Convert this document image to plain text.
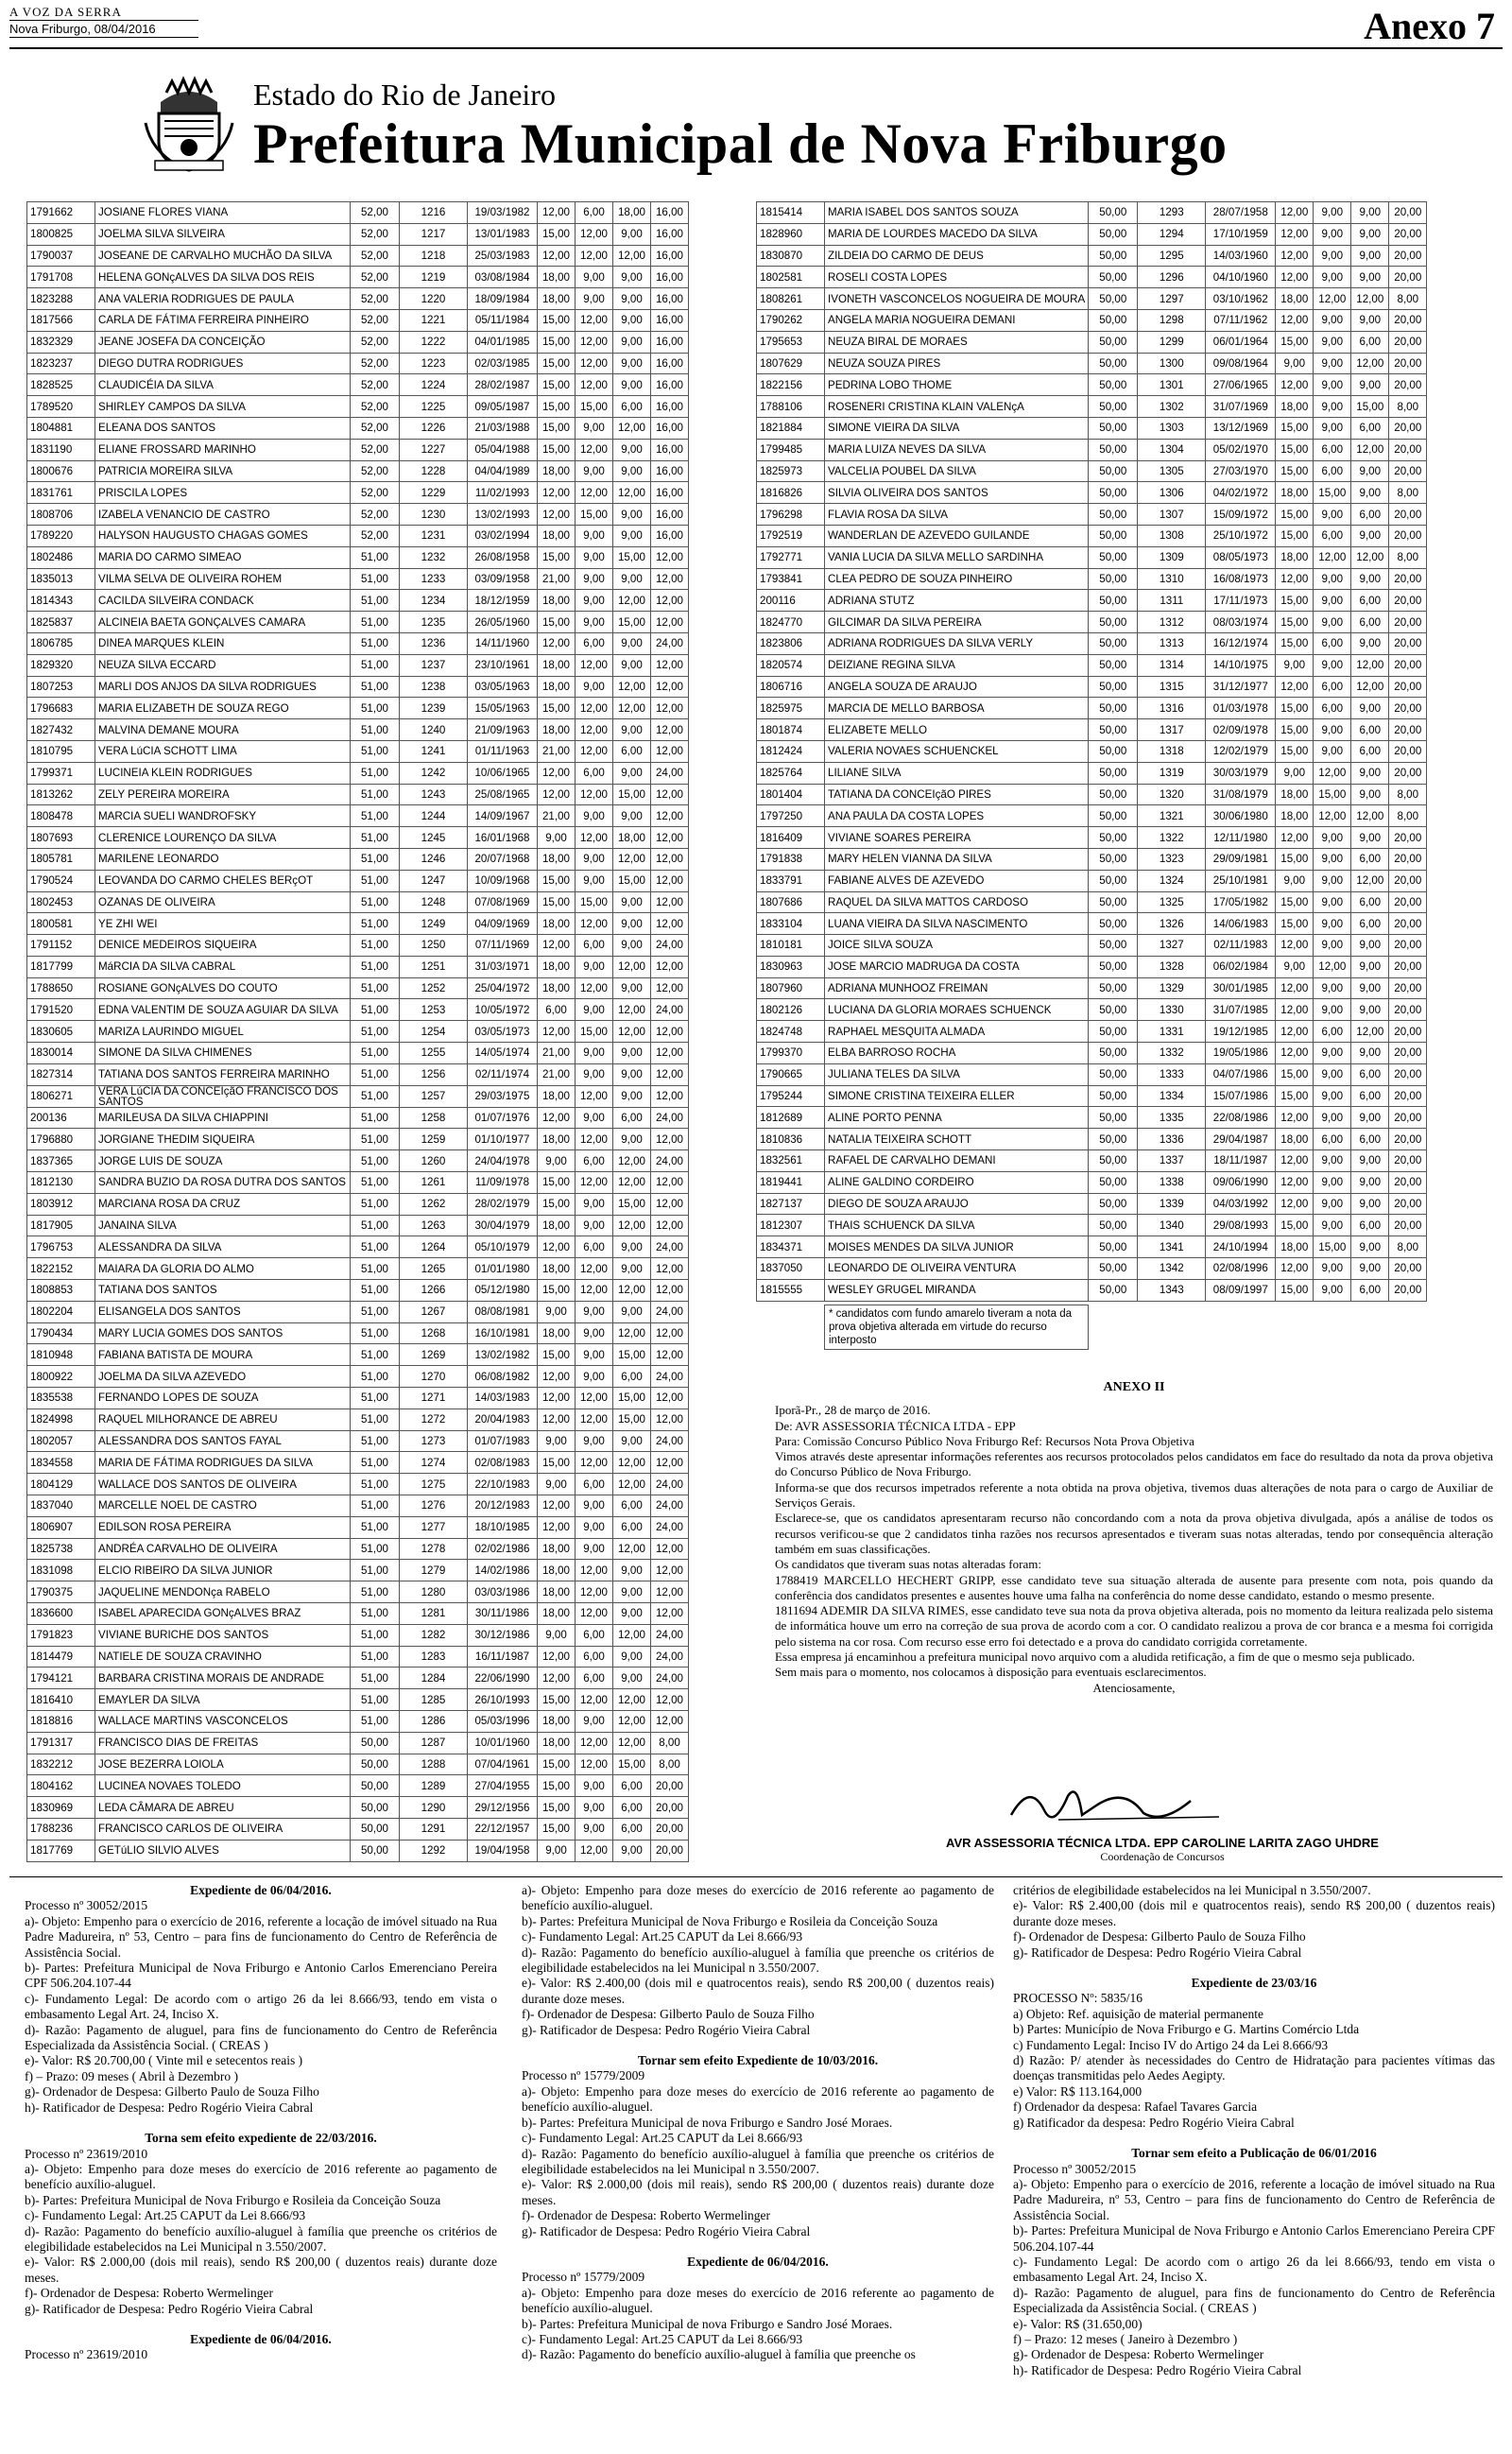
A VOZ DA SERRA
Nova Friburgo, 08/04/2016	Anexo 7
Estado do Rio de Janeiro
Prefeitura Municipal de Nova Friburgo
1791662	JOSIANE FLORES VIANA	52,00	1216	19/03/1982	12,00	6,00	18,00	16,00
1800825	JOELMA SILVA SILVEIRA	52,00	1217	13/01/1983	15,00	12,00	9,00	16,00
1790037	JOSEANE DE CARVALHO MUCHÃO DA SILVA	52,00	1218	25/03/1983	12,00	12,00	12,00	16,00
1791708	HELENA GONçALVES DA SILVA DOS REIS	52,00	1219	03/08/1984	18,00	9,00	9,00	16,00
1823288	ANA VALERIA RODRIGUES DE PAULA	52,00	1220	18/09/1984	18,00	9,00	9,00	16,00
1817566	CARLA DE FÁTIMA FERREIRA PINHEIRO	52,00	1221	05/11/1984	15,00	12,00	9,00	16,00
1832329	JEANE JOSEFA DA CONCEIÇÃO	52,00	1222	04/01/1985	15,00	12,00	9,00	16,00
1823237	DIEGO DUTRA RODRIGUES	52,00	1223	02/03/1985	15,00	12,00	9,00	16,00
1828525	CLAUDICÉIA DA SILVA	52,00	1224	28/02/1987	15,00	12,00	9,00	16,00
1789520	SHIRLEY CAMPOS DA SILVA	52,00	1225	09/05/1987	15,00	15,00	6,00	16,00
1804881	ELEANA DOS SANTOS	52,00	1226	21/03/1988	15,00	9,00	12,00	16,00
1831190	ELIANE FROSSARD MARINHO	52,00	1227	05/04/1988	15,00	12,00	9,00	16,00
1800676	PATRICIA MOREIRA SILVA	52,00	1228	04/04/1989	18,00	9,00	9,00	16,00
1831761	PRISCILA LOPES	52,00	1229	11/02/1993	12,00	12,00	12,00	16,00
1808706	IZABELA VENANCIO DE CASTRO	52,00	1230	13/02/1993	12,00	15,00	9,00	16,00
1789220	HALYSON HAUGUSTO CHAGAS GOMES	52,00	1231	03/02/1994	18,00	9,00	9,00	16,00
1802486	MARIA DO CARMO SIMEAO	51,00	1232	26/08/1958	15,00	9,00	15,00	12,00
1835013	VILMA SELVA DE OLIVEIRA ROHEM	51,00	1233	03/09/1958	21,00	9,00	9,00	12,00
1814343	CACILDA SILVEIRA CONDACK	51,00	1234	18/12/1959	18,00	9,00	12,00	12,00
1825837	ALCINEIA BAETA GONÇALVES CAMARA	51,00	1235	26/05/1960	15,00	9,00	15,00	12,00
1806785	DINEA MARQUES KLEIN	51,00	1236	14/11/1960	12,00	6,00	9,00	24,00
1829320	NEUZA SILVA ECCARD	51,00	1237	23/10/1961	18,00	12,00	9,00	12,00
1807253	MARLI DOS ANJOS DA SILVA RODRIGUES	51,00	1238	03/05/1963	18,00	9,00	12,00	12,00
1796683	MARIA ELIZABETH DE SOUZA REGO	51,00	1239	15/05/1963	15,00	12,00	12,00	12,00
1827432	MALVINA DEMANE MOURA	51,00	1240	21/09/1963	18,00	12,00	9,00	12,00
1810795	VERA LúCIA SCHOTT LIMA	51,00	1241	01/11/1963	21,00	12,00	6,00	12,00
1799371	LUCINEIA KLEIN RODRIGUES	51,00	1242	10/06/1965	12,00	6,00	9,00	24,00
1813262	ZELY PEREIRA MOREIRA	51,00	1243	25/08/1965	12,00	12,00	15,00	12,00
1808478	MARCIA SUELI WANDROFSKY	51,00	1244	14/09/1967	21,00	9,00	9,00	12,00
1807693	CLERENICE LOURENÇO DA SILVA	51,00	1245	16/01/1968	9,00	12,00	18,00	12,00
1805781	MARILENE LEONARDO	51,00	1246	20/07/1968	18,00	9,00	12,00	12,00
1790524	LEOVANDA DO CARMO CHELES BERçOT	51,00	1247	10/09/1968	15,00	9,00	15,00	12,00
1802453	OZANAS DE OLIVEIRA	51,00	1248	07/08/1969	15,00	15,00	9,00	12,00
1800581	YE ZHI WEI	51,00	1249	04/09/1969	18,00	12,00	9,00	12,00
1791152	DENICE MEDEIROS SIQUEIRA	51,00	1250	07/11/1969	12,00	6,00	9,00	24,00
1817799	MáRCIA DA SILVA CABRAL	51,00	1251	31/03/1971	18,00	9,00	12,00	12,00
1788650	ROSIANE GONçALVES DO COUTO	51,00	1252	25/04/1972	18,00	12,00	9,00	12,00
1791520	EDNA VALENTIM DE SOUZA AGUIAR DA SILVA	51,00	1253	10/05/1972	6,00	9,00	12,00	24,00
1830605	MARIZA LAURINDO MIGUEL	51,00	1254	03/05/1973	12,00	15,00	12,00	12,00
1830014	SIMONE DA SILVA CHIMENES	51,00	1255	14/05/1974	21,00	9,00	9,00	12,00
1827314	TATIANA DOS SANTOS FERREIRA MARINHO	51,00	1256	02/11/1974	21,00	9,00	9,00	12,00
1806271	VERA LúCIA DA CONCEIçãO FRANCISCO DOS SANTOS	51,00	1257	29/03/1975	18,00	12,00	9,00	12,00
200136	MARILEUSA DA SILVA CHIAPPINI	51,00	1258	01/07/1976	12,00	9,00	6,00	24,00
1796880	JORGIANE THEDIM SIQUEIRA	51,00	1259	01/10/1977	18,00	12,00	9,00	12,00
1837365	JORGE LUIS DE SOUZA	51,00	1260	24/04/1978	9,00	6,00	12,00	24,00
1812130	SANDRA BUZIO DA ROSA DUTRA DOS SANTOS	51,00	1261	11/09/1978	15,00	12,00	12,00	12,00
1803912	MARCIANA ROSA DA CRUZ	51,00	1262	28/02/1979	15,00	9,00	15,00	12,00
1817905	JANAINA SILVA	51,00	1263	30/04/1979	18,00	9,00	12,00	12,00
1796753	ALESSANDRA DA SILVA	51,00	1264	05/10/1979	12,00	6,00	9,00	24,00
1822152	MAIARA DA GLORIA DO ALMO	51,00	1265	01/01/1980	18,00	12,00	9,00	12,00
1808853	TATIANA DOS SANTOS	51,00	1266	05/12/1980	15,00	12,00	12,00	12,00
1802204	ELISANGELA DOS SANTOS	51,00	1267	08/08/1981	9,00	9,00	9,00	24,00
1790434	MARY LUCIA GOMES DOS SANTOS	51,00	1268	16/10/1981	18,00	9,00	12,00	12,00
1810948	FABIANA BATISTA DE MOURA	51,00	1269	13/02/1982	15,00	9,00	15,00	12,00
1800922	JOELMA DA SILVA AZEVEDO	51,00	1270	06/08/1982	12,00	9,00	6,00	24,00
1835538	FERNANDO LOPES DE SOUZA	51,00	1271	14/03/1983	12,00	12,00	15,00	12,00
1824998	RAQUEL MILHORANCE DE ABREU	51,00	1272	20/04/1983	12,00	12,00	15,00	12,00
1802057	ALESSANDRA DOS SANTOS FAYAL	51,00	1273	01/07/1983	9,00	9,00	9,00	24,00
1834558	MARIA DE FÁTIMA RODRIGUES DA SILVA	51,00	1274	02/08/1983	15,00	12,00	12,00	12,00
1804129	WALLACE DOS SANTOS DE OLIVEIRA	51,00	1275	22/10/1983	9,00	6,00	12,00	24,00
1837040	MARCELLE NOEL DE CASTRO	51,00	1276	20/12/1983	12,00	9,00	6,00	24,00
1806907	EDILSON ROSA PEREIRA	51,00	1277	18/10/1985	12,00	9,00	6,00	24,00
1825738	ANDRÉA CARVALHO DE OLIVEIRA	51,00	1278	02/02/1986	18,00	9,00	12,00	12,00
1831098	ELCIO RIBEIRO DA SILVA JUNIOR	51,00	1279	14/02/1986	18,00	12,00	9,00	12,00
1790375	JAQUELINE MENDONça RABELO	51,00	1280	03/03/1986	18,00	12,00	9,00	12,00
1836600	ISABEL APARECIDA GONçALVES BRAZ	51,00	1281	30/11/1986	18,00	12,00	9,00	12,00
1791823	VIVIANE BURICHE DOS SANTOS	51,00	1282	30/12/1986	9,00	6,00	12,00	24,00
1814479	NATIELE DE SOUZA CRAVINHO	51,00	1283	16/11/1987	12,00	6,00	9,00	24,00
1794121	BARBARA CRISTINA MORAIS DE ANDRADE	51,00	1284	22/06/1990	12,00	6,00	9,00	24,00
1816410	EMAYLER DA SILVA	51,00	1285	26/10/1993	15,00	12,00	12,00	12,00
1818816	WALLACE MARTINS VASCONCELOS	51,00	1286	05/03/1996	18,00	9,00	12,00	12,00
1791317	FRANCISCO DIAS DE FREITAS	50,00	1287	10/01/1960	18,00	12,00	12,00	8,00
1832212	JOSE BEZERRA LOIOLA	50,00	1288	07/04/1961	15,00	12,00	15,00	8,00
1804162	LUCINEA NOVAES TOLEDO	50,00	1289	27/04/1955	15,00	9,00	6,00	20,00
1830969	LEDA CÂMARA DE ABREU	50,00	1290	29/12/1956	15,00	9,00	6,00	20,00
1788236	FRANCISCO CARLOS DE OLIVEIRA	50,00	1291	22/12/1957	15,00	9,00	6,00	20,00
1817769	GETúLIO SILVIO ALVES	50,00	1292	19/04/1958	9,00	12,00	9,00	20,00
1815414	MARIA ISABEL DOS SANTOS SOUZA	50,00	1293	28/07/1958	12,00	9,00	9,00	20,00
1828960	MARIA DE LOURDES MACEDO DA SILVA	50,00	1294	17/10/1959	12,00	9,00	9,00	20,00
1830870	ZILDEIA DO CARMO DE DEUS	50,00	1295	14/03/1960	12,00	9,00	9,00	20,00
1802581	ROSELI COSTA LOPES	50,00	1296	04/10/1960	12,00	9,00	9,00	20,00
1808261	IVONETH VASCONCELOS NOGUEIRA DE MOURA	50,00	1297	03/10/1962	18,00	12,00	12,00	8,00
1790262	ANGELA MARIA NOGUEIRA DEMANI	50,00	1298	07/11/1962	12,00	9,00	9,00	20,00
1795653	NEUZA BIRAL DE MORAES	50,00	1299	06/01/1964	15,00	9,00	6,00	20,00
1807629	NEUZA SOUZA PIRES	50,00	1300	09/08/1964	9,00	9,00	12,00	20,00
1822156	PEDRINA LOBO THOME	50,00	1301	27/06/1965	12,00	9,00	9,00	20,00
1788106	ROSENERI CRISTINA KLAIN VALENçA	50,00	1302	31/07/1969	18,00	9,00	15,00	8,00
1821884	SIMONE VIEIRA DA SILVA	50,00	1303	13/12/1969	15,00	9,00	6,00	20,00
1799485	MARIA LUIZA NEVES DA SILVA	50,00	1304	05/02/1970	15,00	6,00	12,00	20,00
1825973	VALCELIA POUBEL DA SILVA	50,00	1305	27/03/1970	15,00	6,00	9,00	20,00
1816826	SILVIA OLIVEIRA DOS SANTOS	50,00	1306	04/02/1972	18,00	15,00	9,00	8,00
1796298	FLAVIA ROSA DA SILVA	50,00	1307	15/09/1972	15,00	9,00	6,00	20,00
1792519	WANDERLAN DE AZEVEDO GUILANDE	50,00	1308	25/10/1972	15,00	6,00	9,00	20,00
1792771	VANIA LUCIA DA SILVA MELLO SARDINHA	50,00	1309	08/05/1973	18,00	12,00	12,00	8,00
1793841	CLEA PEDRO DE SOUZA PINHEIRO	50,00	1310	16/08/1973	12,00	9,00	9,00	20,00
200116	ADRIANA STUTZ	50,00	1311	17/11/1973	15,00	9,00	6,00	20,00
1824770	GILCIMAR DA SILVA PEREIRA	50,00	1312	08/03/1974	15,00	9,00	6,00	20,00
1823806	ADRIANA RODRIGUES DA SILVA VERLY	50,00	1313	16/12/1974	15,00	6,00	9,00	20,00
1820574	DEIZIANE REGINA SILVA	50,00	1314	14/10/1975	9,00	9,00	12,00	20,00
1806716	ANGELA SOUZA DE ARAUJO	50,00	1315	31/12/1977	12,00	6,00	12,00	20,00
1825975	MARCIA DE MELLO BARBOSA	50,00	1316	01/03/1978	15,00	6,00	9,00	20,00
1801874	ELIZABETE MELLO	50,00	1317	02/09/1978	15,00	9,00	6,00	20,00
1812424	VALERIA NOVAES SCHUENCKEL	50,00	1318	12/02/1979	15,00	9,00	6,00	20,00
1825764	LILIANE SILVA	50,00	1319	30/03/1979	9,00	12,00	9,00	20,00
1801404	TATIANA DA CONCEIçãO PIRES	50,00	1320	31/08/1979	18,00	15,00	9,00	8,00
1797250	ANA PAULA DA COSTA LOPES	50,00	1321	30/06/1980	18,00	12,00	12,00	8,00
1816409	VIVIANE SOARES PEREIRA	50,00	1322	12/11/1980	12,00	9,00	9,00	20,00
1791838	MARY HELEN VIANNA DA SILVA	50,00	1323	29/09/1981	15,00	9,00	6,00	20,00
1833791	FABIANE ALVES DE AZEVEDO	50,00	1324	25/10/1981	9,00	9,00	12,00	20,00
1807686	RAQUEL DA SILVA MATTOS CARDOSO	50,00	1325	17/05/1982	15,00	9,00	6,00	20,00
1833104	LUANA VIEIRA DA SILVA NASCIMENTO	50,00	1326	14/06/1983	15,00	9,00	6,00	20,00
1810181	JOICE SILVA SOUZA	50,00	1327	02/11/1983	12,00	9,00	9,00	20,00
1830963	JOSE MARCIO MADRUGA DA COSTA	50,00	1328	06/02/1984	9,00	12,00	9,00	20,00
1807960	ADRIANA MUNHOOZ FREIMAN	50,00	1329	30/01/1985	12,00	9,00	9,00	20,00
1802126	LUCIANA DA GLORIA MORAES SCHUENCK	50,00	1330	31/07/1985	12,00	9,00	9,00	20,00
1824748	RAPHAEL MESQUITA ALMADA	50,00	1331	19/12/1985	12,00	6,00	12,00	20,00
1799370	ELBA BARROSO ROCHA	50,00	1332	19/05/1986	12,00	9,00	9,00	20,00
1790665	JULIANA TELES DA SILVA	50,00	1333	04/07/1986	15,00	9,00	6,00	20,00
1795244	SIMONE CRISTINA TEIXEIRA ELLER	50,00	1334	15/07/1986	15,00	9,00	6,00	20,00
1812689	ALINE PORTO PENNA	50,00	1335	22/08/1986	12,00	9,00	9,00	20,00
1810836	NATALIA TEIXEIRA SCHOTT	50,00	1336	29/04/1987	18,00	6,00	6,00	20,00
1832561	RAFAEL DE CARVALHO DEMANI	50,00	1337	18/11/1987	12,00	9,00	9,00	20,00
1819441	ALINE GALDINO CORDEIRO	50,00	1338	09/06/1990	12,00	9,00	9,00	20,00
1827137	DIEGO DE SOUZA ARAUJO	50,00	1339	04/03/1992	12,00	9,00	9,00	20,00
1812307	THAIS SCHUENCK DA SILVA	50,00	1340	29/08/1993	15,00	9,00	6,00	20,00
1834371	MOISES MENDES DA SILVA JUNIOR	50,00	1341	24/10/1994	18,00	15,00	9,00	8,00
1837050	LEONARDO DE OLIVEIRA VENTURA	50,00	1342	02/08/1996	12,00	9,00	9,00	20,00
1815555	WESLEY GRUGEL MIRANDA	50,00	1343	08/09/1997	15,00	9,00	6,00	20,00
* candidatos com fundo amarelo tiveram a nota da prova objetiva alterada em virtude do recurso interposto
ANEXO II

Iporã-Pr., 28 de março de 2016.

De: AVR ASSESSORIA TÉCNICA LTDA - EPP

Para: Comissão Concurso Público Nova Friburgo Ref: Recursos Nota Prova Objetiva

Vimos através deste apresentar informações referentes aos recursos protocolados pelos candidatos em face do resultado da nota da prova objetiva do Concurso Público de Nova Friburgo.

Informa-se que dos recursos impetrados referente a nota obtida na prova objetiva, tivemos duas alterações de nota para o cargo de Auxiliar de Serviços Gerais.

Esclarece-se, que os candidatos apresentaram recurso não concordando com a nota da prova objetiva divulgada, após a análise de todos os recursos verificou-se que 2 candidatos tinha razões nos recursos apresentados e tiveram suas notas alteradas, tendo por consequência alteração também em suas classificações.

Os candidatos que tiveram suas notas alteradas foram:

1788419 MARCELLO HECHERT GRIPP, esse candidato teve sua situação alterada de ausente para presente com nota, pois quando da conferência dos candidatos presentes e ausentes houve uma falha na conferência do nome desse candidato, estando o mesmo presente.

1811694 ADEMIR DA SILVA RIMES, esse candidato teve sua nota da prova objetiva alterada, pois no momento da leitura realizada pelo sistema de informática houve um erro na correção de sua prova de acordo com a cor. O candidato realizou a prova de cor branca e a mesma foi corrigida pelo sistema na cor rosa. Com recurso esse erro foi detectado e a prova do candidato corrigida corretamente.

Essa empresa já encaminhou a prefeitura municipal novo arquivo com a aludida retificação, a fim de que o mesmo seja publicado.

Sem mais para o momento, nos colocamos à disposição para eventuais esclarecimentos.

Atenciosamente,

AVR ASSESSORIA TÉCNICA LTDA. EPP CAROLINE LARITA ZAGO UHDRE
Coordenação de Concursos
Expediente de 06/04/2016.
Processo nº 30052/2015
a)- Objeto: Empenho para o exercício de 2016, referente a locação de imóvel situado na Rua Padre Madureira, nº 53, Centro – para fins de funcionamento do Centro de Referência de Assistência Social.
b)- Partes: Prefeitura Municipal de Nova Friburgo e Antonio Carlos Emerenciano Pereira CPF 506.204.107-44
c)- Fundamento Legal: De acordo com o artigo 26 da lei 8.666/93, tendo em vista o embasamento Legal Art. 24, Inciso X.
d)- Razão: Pagamento de aluguel, para fins de funcionamento do Centro de Referência Especializada da Assistência Social. ( CREAS )
e)- Valor: R$ 20.700,00 ( Vinte mil e setecentos reais )
f) – Prazo: 09 meses ( Abril à Dezembro )
g)- Ordenador de Despesa: Gilberto Paulo de Souza Filho
h)- Ratificador de Despesa: Pedro Rogério Vieira Cabral
Torna sem efeito expediente de 22/03/2016.
Processo nº 23619/2010
a)- Objeto: Empenho para doze meses do exercício de 2016 referente ao pagamento de benefício auxílio-aluguel.
b)- Partes: Prefeitura Municipal de Nova Friburgo e Rosileia da Conceição Souza
c)- Fundamento Legal: Art.25 CAPUT da Lei 8.666/93
d)- Razão: Pagamento do benefício auxílio-aluguel à família que preenche os critérios de elegibilidade estabelecidos na Lei Municipal n 3.550/2007.
e)- Valor: R$ 2.000,00 (dois mil reais), sendo R$ 200,00 ( duzentos reais) durante doze meses.
f)- Ordenador de Despesa: Roberto Wermelinger
g)- Ratificador de Despesa: Pedro Rogério Vieira Cabral
Expediente de 06/04/2016.
Processo nº 23619/2010
a)- Objeto: Empenho para doze meses do exercício de 2016 referente ao pagamento de benefício auxílio-aluguel.
b)- Partes: Prefeitura Municipal de Nova Friburgo e Rosileia da Conceição Souza
c)- Fundamento Legal: Art.25 CAPUT da Lei 8.666/93
d)- Razão: Pagamento do benefício auxílio-aluguel à família que preenche os critérios de elegibilidade estabelecidos na lei Municipal n 3.550/2007.
e)- Valor: R$ 2.400,00 (dois mil e quatrocentos reais), sendo R$ 200,00 ( duzentos reais) durante doze meses.
f)- Ordenador de Despesa: Gilberto Paulo de Souza Filho
g)- Ratificador de Despesa: Pedro Rogério Vieira Cabral
Tornar sem efeito Expediente de 10/03/2016.
Processo nº 15779/2009
a)- Objeto: Empenho para doze meses do exercício de 2016 referente ao pagamento de benefício auxílio-aluguel.
b)- Partes: Prefeitura Municipal de nova Friburgo e Sandro José Moraes.
c)- Fundamento Legal: Art.25 CAPUT da Lei 8.666/93
d)- Razão: Pagamento do benefício auxílio-aluguel à família que preenche os critérios de elegibilidade estabelecidos na lei Municipal n 3.550/2007.
e)- Valor: R$ 2.000,00 (dois mil reais), sendo R$ 200,00 ( duzentos reais) durante doze meses.
f)- Ordenador de Despesa: Roberto Wermelinger
g)- Ratificador de Despesa: Pedro Rogério Vieira Cabral
Expediente de 06/04/2016.
Processo nº 15779/2009
a)- Objeto: Empenho para doze meses do exercício de 2016 referente ao pagamento de benefício auxílio-aluguel.
b)- Partes: Prefeitura Municipal de nova Friburgo e Sandro José Moraes.
c)- Fundamento Legal: Art.25 CAPUT da Lei 8.666/93
d)- Razão: Pagamento do benefício auxílio-aluguel à família que preenche os
critérios de elegibilidade estabelecidos na lei Municipal n 3.550/2007.
e)- Valor: R$ 2.400,00 (dois mil e quatrocentos reais), sendo R$ 200,00 ( duzentos reais) durante doze meses.
f)- Ordenador de Despesa: Gilberto Paulo de Souza Filho
g)- Ratificador de Despesa: Pedro Rogério Vieira Cabral
Expediente de 23/03/16
PROCESSO Nº: 5835/16
a) Objeto: Ref. aquisição de material permanente
b) Partes: Município de Nova Friburgo e G. Martins Comércio Ltda
c) Fundamento Legal: Inciso IV do Artigo 24 da Lei 8.666/93
d) Razão: P/ atender às necessidades do Centro de Hidratação para pacientes vítimas das doenças transmitidas pelo Aedes Aegipty.
e) Valor: R$ 113.164,000
f) Ordenador da despesa: Rafael Tavares Garcia
g) Ratificador da despesa: Pedro Rogério Vieira Cabral
Tornar sem efeito a Publicação de 06/01/2016
Processo nº 30052/2015
a)- Objeto: Empenho para o exercício de 2016, referente a locação de imóvel situado na Rua Padre Madureira, nº 53, Centro – para fins de funcionamento do Centro de Referência de Assistência Social.
b)- Partes: Prefeitura Municipal de Nova Friburgo e Antonio Carlos Emerenciano Pereira CPF 506.204.107-44
c)- Fundamento Legal: De acordo com o artigo 26 da lei 8.666/93, tendo em vista o embasamento Legal Art. 24, Inciso X.
d)- Razão: Pagamento de aluguel, para fins de funcionamento do Centro de Referência Especializada da Assistência Social. ( CREAS )
e)- Valor: R$ (31.650,00)
f) – Prazo: 12 meses ( Janeiro à Dezembro )
g)- Ordenador de Despesa: Roberto Wermelinger
h)- Ratificador de Despesa: Pedro Rogério Vieira Cabral
